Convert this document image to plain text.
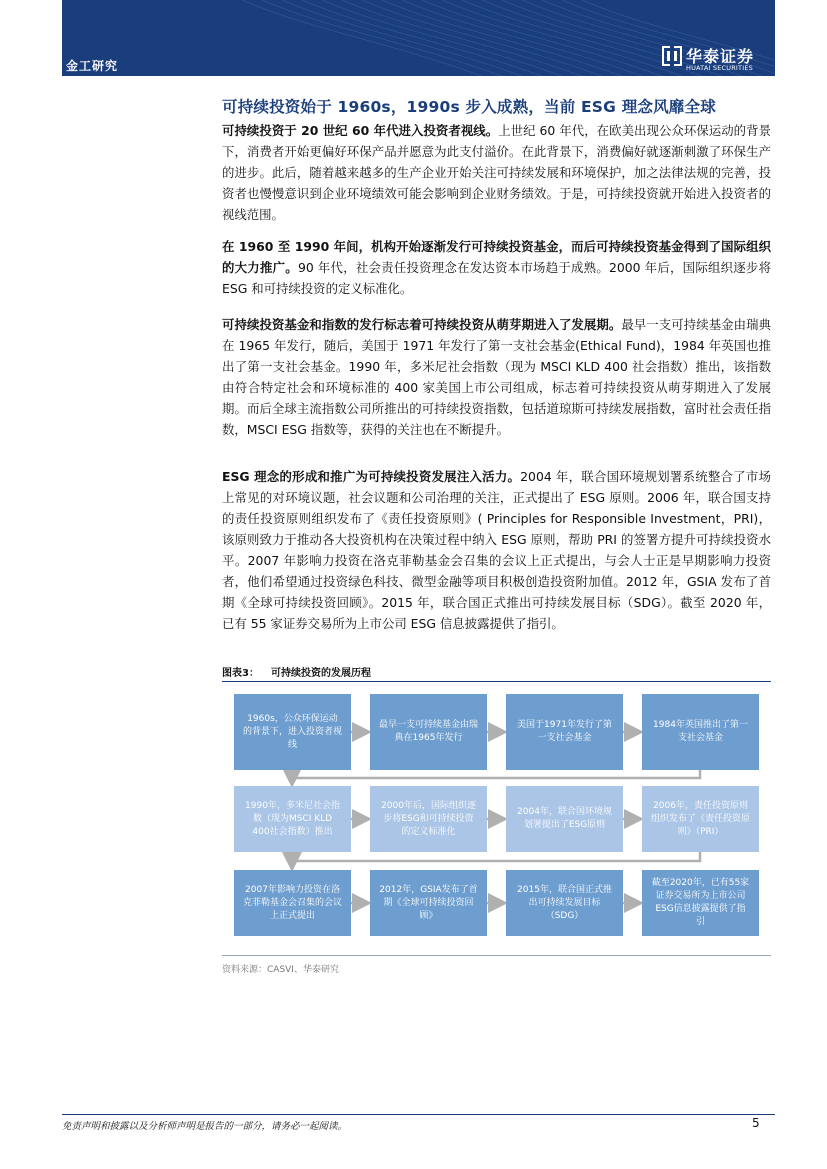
金工研究	华泰证券
HUATAI SECURITIES
可持续投资始于 1960s，1990s 步入成熟，当前 ESG 理念风靡全球

可持续投资于 20 世纪 60 年代进入投资者视线。上世纪 60 年代，在欧美出现公众环保运动的背景下，消费者开始更偏好环保产品并愿意为此支付溢价。在此背景下，消费偏好就逐渐刺激了环保生产的进步。此后，随着越来越多的生产企业开始关注可持续发展和环境保护，加之法律法规的完善，投资者也慢慢意识到企业环境绩效可能会影响到企业财务绩效。于是，可持续投资就开始进入投资者的视线范围。

在 1960 至 1990 年间，机构开始逐渐发行可持续投资基金，而后可持续投资基金得到了国际组织的大力推广。90 年代，社会责任投资理念在发达资本市场趋于成熟。2000 年后，国际组织逐步将 ESG 和可持续投资的定义标准化。

可持续投资基金和指数的发行标志着可持续投资从萌芽期进入了发展期。最早一支可持续基金由瑞典在 1965 年发行，随后，美国于 1971 年发行了第一支社会基金(Ethical Fund)，1984 年英国也推出了第一支社会基金。1990 年，多米尼社会指数（现为 MSCI KLD 400 社会指数）推出，该指数由符合特定社会和环境标准的 400 家美国上市公司组成，标志着可持续投资从萌芽期进入了发展期。而后全球主流指数公司所推出的可持续投资指数，包括道琼斯可持续发展指数，富时社会责任指数，MSCI ESG 指数等，获得的关注也在不断提升。

ESG 理念的形成和推广为可持续投资发展注入活力。2004 年，联合国环境规划署系统整合了市场上常见的对环境议题，社会议题和公司治理的关注，正式提出了 ESG 原则。2006 年，联合国支持的责任投资原则组织发布了《责任投资原则》( Principles for Responsible Investment，PRI)，该原则致力于推动各大投资机构在决策过程中纳入 ESG 原则，帮助 PRI 的签署方提升可持续投资水平。2007 年影响力投资在洛克菲勒基金会召集的会议上正式提出，与会人士正是早期影响力投资者，他们希望通过投资绿色科技、微型金融等项目积极创造投资附加值。2012 年，GSIA 发布了首期《全球可持续投资回顾》。2015 年，联合国正式推出可持续发展目标（SDG）。截至 2020 年， 已有 55 家证券交易所为上市公司 ESG 信息披露提供了指引。

图表3： 可持续投资的发展历程
1960s，公众环保运动的背景下，进入投资者视线
最早一支可持续基金由瑞典在1965年发行
美国于1971年发行了第一支社会基金
1984年英国推出了第一支社会基金
1990年，多米尼社会指数（现为MSCI KLD 400社会指数）推出
2000年后，国际组织逐步将ESG和可持续投资的定义标准化
2004年，联合国环境规划署提出了ESG原则
2006年，责任投资原则组织发布了《责任投资原则》（PRI）
2007年影响力投资在洛克菲勒基金会召集的会议上正式提出
2012年，GSIA发布了首期《全球可持续投资回顾》
2015年，联合国正式推出可持续发展目标（SDG）
截至2020年，已有55家证券交易所为上市公司ESG信息披露提供了指引
资料来源：CASVI、华泰研究
免责声明和披露以及分析师声明是报告的一部分，请务必一起阅读。	5
